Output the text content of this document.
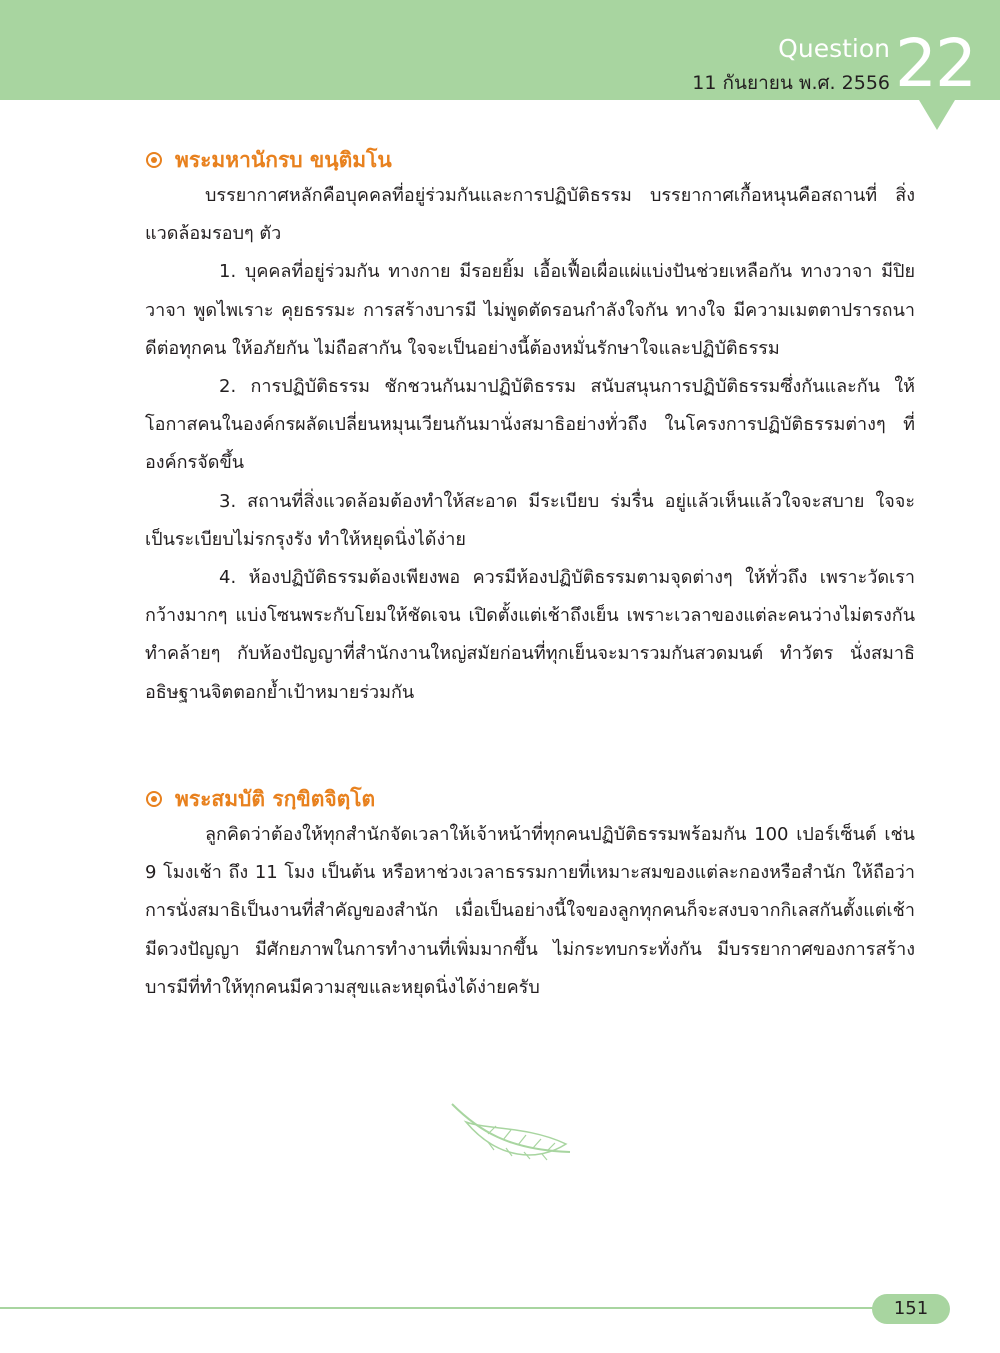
Question
11 กันยายน พ.ศ. 2556 22
พระมหานักรบ ขนฺติมโน

บรรยากาศหลักคือบุคคลที่อยู่ร่วมกันและการปฏิบัติธรรม บรรยากาศเกื้อหนุนคือสถานที่ สิ่งแวดล้อมรอบๆ ตัว

1. บุคคลที่อยู่ร่วมกัน ทางกาย มีรอยยิ้ม เอื้อเฟื้อเผื่อแผ่แบ่งปันช่วยเหลือกัน ทางวาจา มีปิยวาจา พูดไพเราะ คุยธรรมะ การสร้างบารมี ไม่พูดตัดรอนกำลังใจกัน ทางใจ มีความเมตตาปรารถนาดีต่อทุกคน ให้อภัยกัน ไม่ถือสากัน ใจจะเป็นอย่างนี้ต้องหมั่นรักษาใจและปฏิบัติธรรม

2. การปฏิบัติธรรม ชักชวนกันมาปฏิบัติธรรม สนับสนุนการปฏิบัติธรรมซึ่งกันและกัน ให้โอกาสคนในองค์กรผลัดเปลี่ยนหมุนเวียนกันมานั่งสมาธิอย่างทั่วถึง ในโครงการปฏิบัติธรรมต่างๆ ที่องค์กรจัดขึ้น

3. สถานที่สิ่งแวดล้อมต้องทำให้สะอาด มีระเบียบ ร่มรื่น อยู่แล้วเห็นแล้วใจจะสบาย ใจจะเป็นระเบียบไม่รกรุงรัง ทำให้หยุดนิ่งได้ง่าย

4. ห้องปฏิบัติธรรมต้องเพียงพอ ควรมีห้องปฏิบัติธรรมตามจุดต่างๆ ให้ทั่วถึง เพราะวัดเรากว้างมากๆ แบ่งโซนพระกับโยมให้ชัดเจน เปิดตั้งแต่เช้าถึงเย็น เพราะเวลาของแต่ละคนว่างไม่ตรงกัน ทำคล้ายๆ กับห้องปัญญาที่สำนักงานใหญ่สมัยก่อนที่ทุกเย็นจะมารวมกันสวดมนต์ ทำวัตร นั่งสมาธิ อธิษฐานจิตตอกย้ำเป้าหมายร่วมกัน

พระสมบัติ รกฺขิตจิตฺโต

ลูกคิดว่าต้องให้ทุกสำนักจัดเวลาให้เจ้าหน้าที่ทุกคนปฏิบัติธรรมพร้อมกัน 100 เปอร์เซ็นต์ เช่น 9 โมงเช้า ถึง 11 โมง เป็นต้น หรือหาช่วงเวลาธรรมกายที่เหมาะสมของแต่ละกองหรือสำนัก ให้ถือว่าการนั่งสมาธิเป็นงานที่สำคัญของสำนัก เมื่อเป็นอย่างนี้ใจของลูกทุกคนก็จะสงบจากกิเลสกันตั้งแต่เช้า มีดวงปัญญา มีศักยภาพในการทำงานที่เพิ่มมากขึ้น ไม่กระทบกระทั่งกัน มีบรรยากาศของการสร้างบารมีที่ทำให้ทุกคนมีความสุขและหยุดนิ่งได้ง่ายครับ

151
